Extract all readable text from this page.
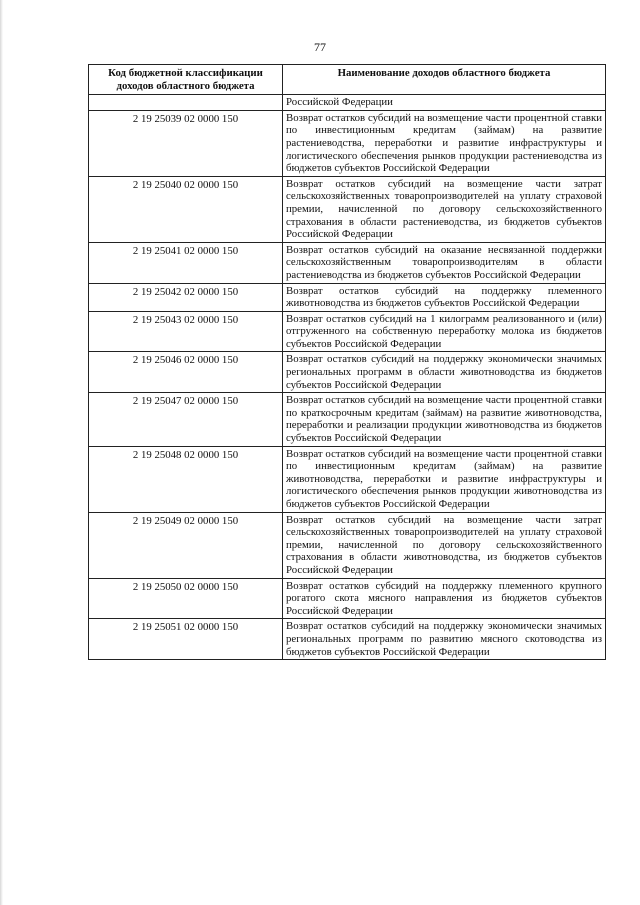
77
Код бюджетной классификации доходов областного бюджета	Наименование доходов областного бюджета
	Российской Федерации
2 19 25039 02 0000 150	Возврат остатков субсидий на возмещение части процентной ставки по инвестиционным кредитам (займам) на развитие растениеводства, переработки и развитие инфраструктуры и логистического обеспечения рынков продукции растениеводства из бюджетов субъектов Российской Федерации
2 19 25040 02 0000 150	Возврат остатков субсидий на возмещение части затрат сельскохозяйственных товаропроизводителей на уплату страховой премии, начисленной по договору сельскохозяйственного страхования в области растениеводства, из бюджетов субъектов Российской Федерации
2 19 25041 02 0000 150	Возврат остатков субсидий на оказание несвязанной поддержки сельскохозяйственным товаропроизводителям в области растениеводства из бюджетов субъектов Российской Федерации
2 19 25042 02 0000 150	Возврат остатков субсидий на поддержку племенного животноводства из бюджетов субъектов Российской Федерации
2 19 25043 02 0000 150	Возврат остатков субсидий на 1 килограмм реализованного и (или) отгруженного на собственную переработку молока из бюджетов субъектов Российской Федерации
2 19 25046 02 0000 150	Возврат остатков субсидий на поддержку экономически значимых региональных программ в области животноводства из бюджетов субъектов Российской Федерации
2 19 25047 02 0000 150	Возврат остатков субсидий на возмещение части процентной ставки по краткосрочным кредитам (займам) на развитие животноводства, переработки и реализации продукции животноводства из бюджетов субъектов Российской Федерации
2 19 25048 02 0000 150	Возврат остатков субсидий на возмещение части процентной ставки по инвестиционным кредитам (займам) на развитие животноводства, переработки и развитие инфраструктуры и логистического обеспечения рынков продукции животноводства из бюджетов субъектов Российской Федерации
2 19 25049 02 0000 150	Возврат остатков субсидий на возмещение части затрат сельскохозяйственных товаропроизводителей на уплату страховой премии, начисленной по договору сельскохозяйственного страхования в области животноводства, из бюджетов субъектов Российской Федерации
2 19 25050 02 0000 150	Возврат остатков субсидий на поддержку племенного крупного рогатого скота мясного направления из бюджетов субъектов Российской Федерации
2 19 25051 02 0000 150	Возврат остатков субсидий на поддержку экономически значимых региональных программ по развитию мясного скотоводства из бюджетов субъектов Российской Федерации
